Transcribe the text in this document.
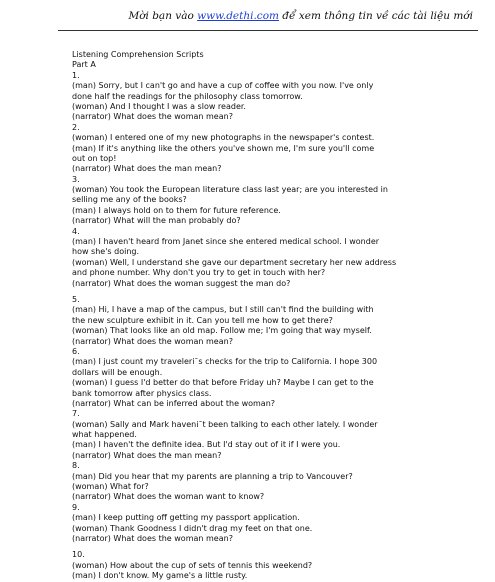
Mời bạn vào www.dethi.com để xem thông tin về các tài liệu mới
Listening Comprehension Scripts
Part A
1.
(man) Sorry, but I can't go and have a cup of coffee with you now. I've only
done half the readings for the philosophy class tomorrow.
(woman) And I thought I was a slow reader.
(narrator) What does the woman mean?
2.
(woman) I entered one of my new photographs in the newspaper's contest.
(man) If it's anything like the others you've shown me, I'm sure you'll come
out on top!
(narrator) What does the man mean?
3.
(woman) You took the European literature class last year; are you interested in
selling me any of the books?
(man) I always hold on to them for future reference.
(narrator) What will the man probably do?
4.
(man) I haven't heard from Janet since she entered medical school. I wonder
how she's doing.
(woman) Well, I understand she gave our department secretary her new address
and phone number. Why don't you try to get in touch with her?
(narrator) What does the woman suggest the man do?
5.
(man) Hi, I have a map of the campus, but I still can't find the building with
the new sculpture exhibit in it. Can you tell me how to get there?
(woman) That looks like an old map. Follow me; I'm going that way myself.
(narrator) What does the woman mean?
6.
(man) I just count my traveleri¯s checks for the trip to California. I hope 300
dollars will be enough.
(woman) I guess I'd better do that before Friday uh? Maybe I can get to the
bank tomorrow after physics class.
(narrator) What can be inferred about the woman?
7.
(woman) Sally and Mark haveni¯t been talking to each other lately. I wonder
what happened.
(man) I haven't the definite idea. But I'd stay out of it if I were you.
(narrator) What does the man mean?
8.
(man) Did you hear that my parents are planning a trip to Vancouver?
(woman) What for?
(narrator) What does the woman want to know?
9.
(man) I keep putting off getting my passport application.
(woman) Thank Goodness I didn't drag my feet on that one.
(narrator) What does the woman mean?
10.
(woman) How about the cup of sets of tennis this weekend?
(man) I don't know. My game's a little rusty.
